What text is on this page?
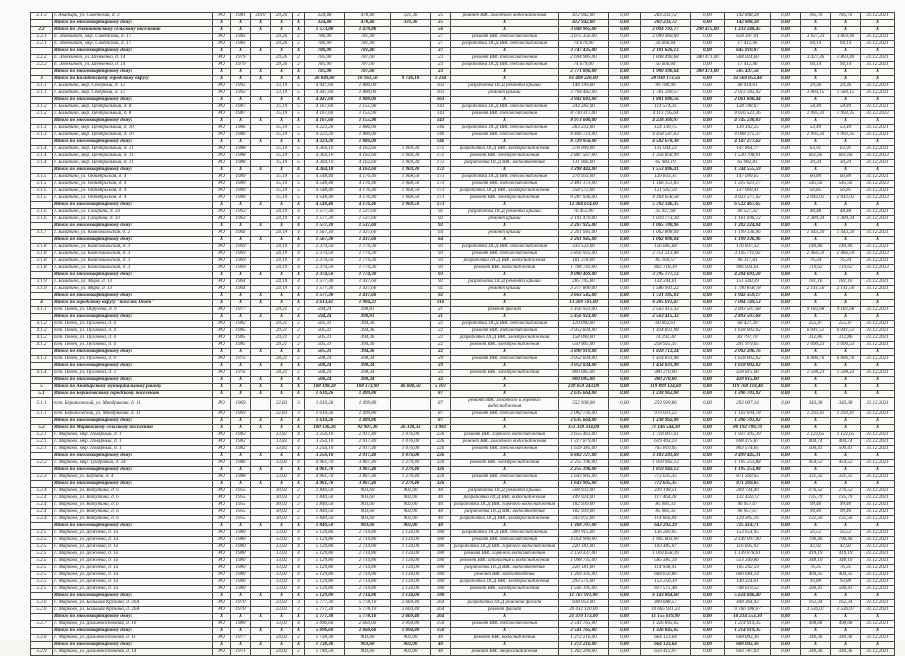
2.1-2	г. Анадырь, ул. Советская, д. 3	РО	1981	2010	29,26	2	324,48	478,40	331,36	25	ремонт ВВС холодного водоснабжения	412 942,00	0,00	269 233,72	0,00	142 808,28	0,00	785,76	785,76	31.12.2021
	Итого по многоквартирному дому:	X	X	X	X	X	324,48	478,40	331,36	25	X	412 942,00	0,00	269 233,72	0,00	142 808,28	0,00	X	X	X
2.2	Итого по Эгвекинотскому сельскому поселению	X	X	X	X	X	1 573,80	1 470,80		56	X	3 048 965,00	0,00	2 004 792,77	290 475,00	1 233 248,45	0,00	X	X	X
2.2.1	п. Эгвекинот, мкр. Советский, д. 17	РО	1983		29,26	2	786,90	781,40		27	ремонт ВВС теплоснабжения	3 675 356,00	0,00	2 099 960,09	0,00	628 397,91	0,00	3 927,33	3 803,40	31.12.2021
2.2.1	п. Эгвекинот, мкр. Советский, д. 17	РО	1983		29,26	2	786,90	781,40		27	разработка ПСД ВВС теплоснабжения	74 679,00	0,00	56 666,04	0,00	17 412,96	0,00	94,14	94,14	31.12.2021
	Итого по многоквартирному дому:	X	X	X	X	X	786,90	781,40		27	X	3 747 435,00	0,00	2 101 626,13	0,00	645 810,87	0,00	X	X	X
2.2.2	п. Эгвекинот, ул. Шевченко, д. 14	РО	1979		29,26	2	785,90	787,60		23	ремонт ВВС теплоснабжения	2 694 985,00	0,00	1 848 490,68	380 471,00	568 024,60	0,00	3 427,36	3 803,40	31.12.2021
2.2.2	п. Эгвекинот, ул. Шевченко, д. 14	РО	1979		29,26	2	785,90	787,60		23	разработка ПСД ВВС теплоснабжения	74 679,00	0,00	56 666,04	0,00	17 412,96	0,00	94,14	94,14	31.12.2021
	Итого по многоквартирному дому:	X	X	X	X	X	785,90	787,60		23	X	2 771 806,00	0,00	1 900 196,64	380 471,00	585 437,56	0,00	X	X	X
3	Итого по Билибинскому городскому округу	X	X	X	X	X	26 849,60	10 161,50	9 736,10	1 234	X	61 498 226,00	0,00	28 930 173,56	0,00	32 568 052,44	0,00	X	X	X
3.1.1	г. Билибино, мкр. Северный, д. 12	РО	1992		13,19	5	4 447,60	1 880,00		163	разработка ПСД ремонта крыши	148 199,00	0,00	99 780,99	0,00	48 418,01	0,00	29,36	29,36	31.12.2021
3.1.1	г. Билибино, мкр. Северный, д. 12	РО	1992		13,19	5	4 447,60	1 880,00		163	ремонт крыши	3 794 482,00	0,00	1 781 299,57	0,00	2 013 182,43	0,00	3 804,15	1 584,15	31.12.2021
	Итого по многоквартирному дому:	X	X	X	X	X	4 447,60	1 880,00		163	X	3 942 681,00	0,00	1 881 080,56	0,00	2 061 600,44	0,00	X	X	X
3.1.2	г. Билибино, мкр. Центральный, д. 8	РО	1987		15,19	5	4 167,60	1 155,90		143	разработка ПСД ВВС теплоснабжения	243 283,00	0,00	114 574,33	0,00	128 708,67	0,00	58,49	58,49	31.12.2021
3.1.2	г. Билибино, мкр. Центральный, д. 8	РО	1987		15,19	5	4 167,60	1 155,90		143	ремонт ВВС теплоснабжения	8 730 317,00	0,00	4 113 795,64	0,00	4 616 521,36	0,00	1 995,33	1 993,35	31.12.2023
	Итого по многоквартирному дому:	X	X	X	X	X	4 167,60	1 155,90		143	X	8 973 600,00	0,00	4 228 369,97	0,00	4 745 230,03	0,00	X	X	X
3.1.3	г. Билибино, мкр. Центральный, д. 10	РО	1986		15,19	5	4 223,20	1 886,00		146	разработка ПСД ВВС теплоснабжения	263 233,00	0,00	124 130,75	0,00	139 102,25	0,00	53,49	53,49	31.12.2021
3.1.3	г. Билибино, мкр. Центральный, д. 10	РО	1986		15,19	5	4 223,20	1 886,00		146	ремонт ВВС теплоснабжения	8 466 723,00	0,00	4 458 547,63	0,00	4 008 175,37	0,00	1 995,33	1 993,35	31.12.2021
	Итого по многоквартирному дому:	X	X	X	X	X	4 223,20	1 886,00		146	X	8 729 956,00	0,00	4 582 678,38	0,00	4 147 277,62	0,00	X	X	X
3.1.4	г. Билибино, мкр. Центральный, д. 11	РО	1988		15,19	5	4 364,10	4 162,60	1 969,30	172	разработка ПСД ВВС электроснабжения	278 909,00	0,00	131 044,23	0,00	147 864,77	0,00	63,91	63,91	31.12.2021
3.1.4	г. Билибино, мкр. Центральный, д. 11	РО	1988		15,19	5	4 364,10	4 162,60	1 969,30	172	ремонт ВВС электроснабжения	2 887 567,00	0,00	1 356 858,99	0,00	1 530 708,01	0,00	661,66	661,66	31.12.2023
3.1.4	г. Билибино, мкр. Центральный, д. 11	РО	1988		15,19	5	4 364,10	4 162,60	1 969,30	172	разработка ПСД ВВС водоотведения	131 966,00	0,00	65 983,19	0,00	65 982,81	0,00	30,24	30,24	31.12.2021
	Итого по многоквартирному дому:	X	X	X	X	X	4 364,10	4 162,60	1 969,30	172	X	3 298 442,00	0,00	1 553 886,41	0,00	1 744 555,59	0,00	X	X	X
3.1.5	г. Билибино, ул. Октябрьская, д. 4	РО	1989		15,19	5	4 548,40	4 176,40	1 968,50	173	разработка ПСД ВВС теплоснабжения	276 933,00	0,00	129 833,35	0,00	147 099,65	0,00	60,89	60,89	31.12.2021
3.1.5	г. Билибино, ул. Октябрьская, д. 4	РО	1989		15,19	5	4 548,40	4 176,40	1 968,50	173	ремонт ВВС теплоснабжения	2 481 173,00	0,00	1 166 151,83	0,00	1 315 021,17	0,00	545,56	545,56	31.12.2023
3.1.5	г. Билибино, ул. Октябрьская, д. 4	РО	1989		15,19	5	4 548,40	4 176,40	1 968,50	173	разработка ПСД ВВС электроснабжения	258 572,00	0,00	121 502,59	0,00	137 069,41	0,00	56,85	56,85	31.12.2021
3.1.5	г. Билибино, ул. Октябрьская, д. 4	РО	1989		15,19	5	4 548,40	4 176,40	1 968,50	173	ремонт ВВС электроснабжения	9 287 936,00	0,00	4 364 658,58	0,00	4 923 277,42	0,00	2 042,02	2 042,02	31.12.2023
	Итого по многоквартирному дому:	X	X	X	X	X	4 548,40	4 176,40	1 968,50	173	X	12 304 614,00	0,00	5 782 146,35	0,00	6 522 467,65	0,00	X	X	X
3.1.6	г. Билибино, ул. Гагарина, д. 33	РО	1963		24,19	4	1 577,30	1 537,60		92	разработка ПСД ремонта крыши	76 455,00	0,00	35 927,68	0,00	40 527,32	0,00	48,48	48,48	31.12.2021
3.1.6	г. Билибино, ул. Гагарина, д. 33	РО	1963		24,19	4	1 577,30	1 537,60		92	ремонт крыши	2 191 470,00	0,00	1 029 773,28	0,00	1 161 696,72	0,00	1 389,34	1 389,34	31.12.2021
	Итого по многоквартирному дому:	X	X	X	X	X	1 577,30	1 537,60		92	X	2 267 925,00	0,00	1 065 700,96	0,00	1 202 224,04	0,00	X	X	X
3.1.7	г. Билибино, ул. Комсомольская, д. 2	РО	1966		24,19	4	1 567,30	1 437,60		64	ремонт крыши	2 261 945,00	0,00	1 062 808,04	0,00	1 199 136,96	0,00	1 443,20	1 443,20	31.12.2021
	Итого по многоквартирному дому:	X	X	X	X	X	1 567,30	1 437,60		64	X	2 261 945,00	0,00	1 062 808,04	0,00	1 199 136,96	0,00	X	X	X
3.1.8	г. Билибино, ул. Комсомольская, д. 3	РО	1969		24,19	4	2 374,50	1 774,30		93	разработка ПСД ВВС теплоснабжения	333 523,00	0,00	156 685,68	0,00	176 837,32	0,00	140,46	140,46	31.12.2021
3.1.8	г. Билибино, ул. Комсомольская, д. 3	РО	1969		24,19	4	2 374,50	1 774,30		93	ремонт ВВС теплоснабжения	5 856 925,00	0,00	2 751 213,08	0,00	3 105 711,92	0,00	2 466,59	2 466,59	31.12.2023
3.1.8	г. Билибино, ул. Комсомольская, д. 3	РО	1969		24,19	4	2 374,50	1 774,30		93	разработка ПСД ВВС водоснабжения	181 278,00	0,00	85 160,57	0,00	96 117,43	0,00	76,34	76,34	31.12.2021
3.1.8	г. Билибино, ул. Комсомольская, д. 3	РО	1969		24,19	4	2 374,50	1 774,30		93	ремонт ВВС водоснабжения	1 708 743,00	0,00	802 718,39	0,00	906 024,61	0,00	719,62	719,62	31.12.2023
	Итого по многоквартирному дому:	X	X	X	X	X	2 374,50	1 774,30		93	X	8 080 469,00	0,00	3 795 777,72	0,00	4 284 691,28	0,00	X	X	X
3.1.9	г. Билибино, ул. Мира, д. 13	РО	1964		24,19	4	1 577,30	1 437,60		92	разработка ПСД ремонта крыши	285 745,00	0,00	134 244,61	0,00	151 500,39	0,00	181,16	181,16	31.12.2021
3.1.9	г. Билибино, ул. Мира, д. 13	РО	1964		24,19	4	1 577,30	1 437,60		92	ремонт крыши	3 377 800,00	0,00	1 586 941,22	0,00	1 790 858,78	0,00	2 141,50	2 141,50	31.12.2021
	Итого по многоквартирному дому:	X	X	X	X	X	1 577,30	1 437,60		92	X	3 663 545,00	0,00	1 721 185,83	0,00	1 942 359,17	0,00	X	X	X
4	Итого по городскому округу "посёлок Певек"	X	X	X	X	X	2 613,41	1 984,21		116	X	13 209 761,00	0,00	6 205 011,47	0,00	7 004 749,53	0,00	X	X	X
4.1.1	пгт. Певек, ул. Обручева, д. 9	РО	1977		29,21	2	594,24	398,81		21	ремонт фасада	5 456 923,00	0,00	2 563 415,32	0,00	2 893 507,68	0,00	9 182,68	9 182,68	31.12.2021
	Итого по многоквартирному дому:	X	X	X	X	X	594,24	398,81		21	X	5 456 923,00	0,00	2 563 415,32	0,00	2 893 507,68	0,00	X	X	X
4.1.2	пгт. Певек, ул. Пугачёва, д. 4	РО	1982		29,21	2	505,31	394,36		22	разработка ПСД ВВС теплоснабжения	129 090,00	0,00	60 662,61	0,00	68 427,39	0,00	255,47	255,47	31.12.2021
4.1.2	пгт. Певек, ул. Пугачёва, д. 4	РО	1985		29,21	2	505,31	394,36		22	ремонт ВВС теплоснабжения	3 052 834,00	0,00	1 434 831,98	0,00	1 618 002,02	0,00	6 041,51	6 041,51	31.12.2021
4.1.2	пгт. Певек, ул. Пугачёва, д. 4	РО	1985		29,21	2	505,31	394,36		22	разработка ПСД ВВС электроснабжения	158 090,00	0,00	74 292,30	0,00	83 797,70	0,00	312,86	312,86	31.12.2021
4.1.2	пгт. Певек, ул. Пугачёва, д. 4	РО	1985		29,21	2	505,31	394,36		22	ремонт ВВС электроснабжения	550 905,00	0,00	258 925,35	0,00	291 979,65	0,00	1 090,23	1 090,23	31.12.2021
	Итого по многоквартирному дому:	X	X	X	X	X	505,31	394,36		22	X	3 890 919,00	0,00	1 828 712,24	0,00	2 062 206,76	0,00	X	X	X
4.1.3	пгт. Певек, ул. Пугачёва, д. 9	РО	1975		28,21	2	508,24	398,34		29	ремонт ВВС теплоснабжения	3 052 834,00	0,00	1 434 831,98	0,00	1 618 002,02	0,00	6 006,76	6 006,76	31.12.2021
	Итого по многоквартирному дому:	X	X	X	X	X	508,24	398,34		29	X	3 052 834,00	0,00	1 434 831,98	0,00	1 618 002,02	0,00	X	X	X
4.1.4	пгт. Певек, ул. Пугачёва, д. 3	РО	1976		28,21	2	506,24	398,34		22	ремонт ВВС электроснабжения	809 085,00	0,00	380 270,00	0,00	428 815,00	0,00	1 598,23	1 598,23	31.12.2021
	Итого по многоквартирному дому:	X	X	X	X	X	506,24	398,34		22	X	809 085,00	0,00	380 270,00	0,00	428 815,00	0,00	X	X	X
5	Итого по Анадырскому муниципальному району	X	X	X	X	X	108 108,28	108 173,90	46 600,50	5 107	X	239 659 243,00	0,00	119 899 124,60	0,00	119 760 118,40	0,00	X	X	X
5.1	Итого по Беринговскому городскому поселению	X	X	X	X	X	1 610,26	1 499,80		87	X	2 635 664,00	0,00	1 238 962,08	0,00	1 396 701,92	0,00	X	X	X
5.1.1	пгт. Беринговский, ул. Мандрикова, д. 11	РО	1969		22,83	3	1 610,26	1 499,80		87	ремонт ВВС холодного и горячего водоснабжения	552 938,00	0,00	259 930,86	0,00	293 007,14	0,00	343,38	343,38	31.12.2021
5.1.1	пгт. Беринговский, ул. Мандрикова, д. 11	РО	1969		22,83	3	1 610,26	1 499,80		87	ремонт ВВС теплоснабжения	2 082 726,00	0,00	979 031,22	0,00	1 103 694,78	0,00	1 293,41	1 293,41	31.12.2021
	Итого по многоквартирному дому:	X	X	X	X	X	1 610,26	1 499,80		87	X	2 635 664,00	0,00	1 238 962,08	0,00	1 396 701,92	0,00	X	X	X
5.2	Итого по Марковскому сельскому поселению	X	X	X	X	X	100 136,26	92 907,30	26 338,32	3 982	X	151 339 334,00	0,00	71 146 544,30	0,00	80 192 789,70	0,00	X	X	X
5.2.1	с. Марково, мкр. Полярный, д. 1	РО	1982		13,82	4	3 256,10	2 917,40	1 076,00	226	ремонт ВВС горячего водоснабжения	3 655 463,00	0,00	1 718 067,61	0,00	1 937 395,39	0,00	1 122,65	1 122,65	31.12.2021
5.2.1	с. Марково, мкр. Полярный, д. 1	РО	1982		13,82	4	3 256,10	2 917,40	1 076,00	226	ремонт ВВС холодного водоснабжения	1 317 879,00	0,00	619 403,13	0,00	698 475,87	0,00	404,74	404,74	31.12.2021
5.2.1	с. Марково, мкр. Полярный, д. 1	РО	1982		13,82	4	3 256,10	2 917,40	1 076,00	226	ремонт ВВС теплоснабжения	1 629 385,00	0,00	765 810,95	0,00	863 574,05	0,00	500,41	500,41	31.12.2021
	Итого по многоквартирному дому:	X	X	X	X	X	3 256,10	2 917,40	1 076,00	226	X	6 602 727,00	0,00	3 103 281,69	0,00	3 499 445,31	0,00	X	X	X
5.2.2	с. Марково, мкр. Тундровый, д. 34	РО	1986		13,02	4	4 961,70	3 867,40	1 279,40	326	ремонт ВВС электроснабжения	2 255 196,00	0,00	1 059 942,12	0,00	1 195 253,88	0,00	454,52	454,52	31.12.2021
	Итого по многоквартирному дому:	X	X	X	X	X	4 961,70	3 867,40	1 279,40	326	X	2 255 196,00	0,00	1 059 942,12	0,00	1 195 253,88	0,00	X	X	X
5.2.3	с. Марково, ул. Берзина, д. 4	РО	1988		13,02	4	4 961,70	3 867,40	1 279,40	326	ремонт ВВС теплоснабжения	1 643 905,00	0,00	772 635,35	0,00	871 269,65	0,00	331,32	331,32	31.12.2021
	Итого по многоквартирному дому:	X	X	X	X	X	4 961,70	3 867,40	1 279,40	326	X	1 643 905,00	0,00	772 635,35	0,00	871 269,65	0,00	X	X	X
5.2.4	с. Марково, ул. Ватутина, д. 6	РО	1955		30,02	2	1 840,50	903,60	902,00	40	разработка ПСД ремонта крыши	508 933,00	0,00	239 198,51	0,00	269 734,49	0,00	276,52	276,52	31.12.2021
5.2.4	с. Марково, ул. Ватутина, д. 6	РО	1955		30,02	2	1 840,50	903,60	902,00	40	разработка ПСД ВВС водоснабжения	249 924,00	0,00	117 464,28	0,00	132 459,72	0,00	135,79	135,79	31.12.2021
5.2.4	с. Марково, ул. Ватутина, д. 6	РО	1955		30,02	2	1 840,50	903,60	902,00	40	разработка ПСД ВВС горячего водоснабжения	182 939,00	0,00	85 981,33	0,00	96 957,67	0,00	99,40	99,40	31.12.2021
5.2.4	с. Марково, ул. Ватутина, д. 6	РО	1955		30,02	2	1 840,50	903,60	902,00	40	разработка ПСД ВВС водоотведения	182 939,00	0,00	85 981,33	0,00	96 957,67	0,00	99,40	99,40	31.12.2021
5.2.4	с. Марково, ул. Ватутина, д. 6	РО	1955		30,02	2	1 840,50	903,60	902,00	40	разработка ПСД ВВС электроснабжения	243 972,00	0,00	114 666,84	0,00	129 305,16	0,00	132,56	132,56	31.12.2021
	Итого по многоквартирному дому:	X	X	X	X	X	1 840,50	903,60	902,00	40	X	1 368 707,00	0,00	643 292,29	0,00	725 414,71	0,00	X	X	X
5.2.5	с. Марково, ул. Дежнёва, д. 1а	РО	1980		13,02	4	5 129,80	2 714,80	1 134,00	180	разработка ПСД ВВС теплоснабжения	289 915,00	0,00	136 260,05	0,00	153 654,95	0,00	56,52	56,52	31.12.2021
5.2.5	с. Марково, ул. Дежнёва, д. 1а	РО	1980		13,02	4	5 129,80	2 714,80	1 134,00	180	ремонт ВВС теплоснабжения	4 054 900,00	0,00	1 905 803,00	0,00	2 149 097,00	0,00	790,46	790,46	31.12.2021
5.2.5	с. Марково, ул. Дежнёва, д. 1а	РО	1980		13,02	4	5 129,80	2 714,80	1 134,00	180	разработка ПСД ВВС горячего водоснабжения	220 181,00	0,00	103 485,07	0,00	116 695,93	0,00	42,92	42,92	31.12.2021
5.2.5	с. Марково, ул. Дежнёва, д. 1а	РО	1980		13,02	4	5 129,80	2 714,80	1 134,00	180	ремонт ВВС горячего водоснабжения	2 150 337,00	0,00	1 010 658,39	0,00	1 139 678,61	0,00	419,19	419,19	31.12.2021
5.2.5	с. Марково, ул. Дежнёва, д. 1а	РО	1980		13,02	4	5 129,80	2 714,80	1 134,00	180	ремонт ВВС отопления и водоснабжения	1 098 735,00	0,00	585 385,14	0,00	513 349,86	0,00	348,10	348,10	31.12.2021
5.2.5	с. Марково, ул. Дежнёва, д. 1а	РО	1980		13,02	4	5 129,80	2 714,80	1 134,00	180	разработка ПСД ВВС водоотведения	220 181,00	0,00	114 938,41	0,00	105 242,59	0,00	76,35	76,35	31.12.2021
5.2.5	с. Марково, ул. Дежнёва, д. 1а	РО	1980		13,02	4	5 129,80	2 714,80	1 134,00	180	ремонт ВВС водоотведения	1 269 335,00	0,00	668 650,86	0,00	600 684,14	0,00	404,35	404,35	31.12.2021
5.2.5	с. Марково, ул. Дежнёва, д. 1а	РО	1980		13,02	4	5 129,80	2 714,80	1 134,00	180	разработка ПСД ВВС электроснабжения	293 575,00	0,00	153 250,39	0,00	140 324,61	0,00	93,80	93,80	31.12.2021
5.2.5	с. Марково, ул. Дежнёва, д. 1а	РО	1980		13,02	4	5 129,80	2 714,80	1 134,00	180	ремонт ВВС электроснабжения	1 566 195,00	0,00	817 575,48	0,00	748 619,52	0,00	500,41	500,41	31.12.2021
	Итого по многоквартирному дому:	X	X	X	X	X	5 129,80	2 714,80	1 134,00	180	X	11 767 911,00	0,00	6 143 864,60	0,00	5 624 046,40	0,00	X	X	X
5.2.6	с. Марково, ул. Большая Кручина, д. 26А	РО	1970		23,02	3	5 777,30	5 778,10	2 669,40	264	разработка ПСД ремонта фасада	938 053,00	0,00	489 688,57	0,00	448 364,43	0,00	162,34	162,34	31.12.2021
5.2.6	с. Марково, ул. Большая Кручина, д. 26А	РО	1970		23,02	3	5 777,30	5 778,10	2 669,40	264	ремонт фасада	20 432 120,00	0,00	10 665 931,33	0,00	9 766 188,67	0,00	3 536,07	3 536,07	31.12.2021
	Итого по многоквартирному дому:	X	X	X	X	X	5 777,30	5 778,10	2 669,40	264	X	21 370 173,00	0,00	11 155 619,90	0,00	10 214 553,10	0,00	X	X	X
5.2.7	с. Марково, ул. Дальневосточная, д. 10	РО	1989		13,02	4	5 096,60	2 660,60	1 094,80	150	ремонт ВВС теплоснабжения	2 541 765,00	0,00	1 326 845,65	0,00	1 214 919,35	0,00	498,68	498,68	31.12.2021
	Итого по многоквартирному дому:	X	X	X	X	X	5 096,60	2 660,60	1 094,80	150	X	2 541 765,00	0,00	1 326 845,65	0,00	1 214 919,35	0,00	X	X	X
5.2.8	с. Марково, ул. Дальневосточная, д. 11	РО	1977		24,02	2	1 738,30	903,60	902,00	40	ремонт ВВС водоснабжения	1 272 216,00	0,00	664 123,64	0,00	608 092,36	0,00	340,36	340,36	31.12.2021
	Итого по многоквартирному дому:	X	X	X	X	X	1 738,30	903,60	902,00	40	X	1 272 216,00	0,00	664 123,64	0,00	608 092,36	0,00	X	X	X
5.2.9	с. Марково, ул. Дальневосточная, д. 14	РО	1971		24,02	2	1 740,50	903,60	902,00	40	ремонт ВВС энергоснабжения	1 263 200,00	0,00	659 412,97	0,00	603 787,03	0,00	340,36	340,36	31.12.2021
